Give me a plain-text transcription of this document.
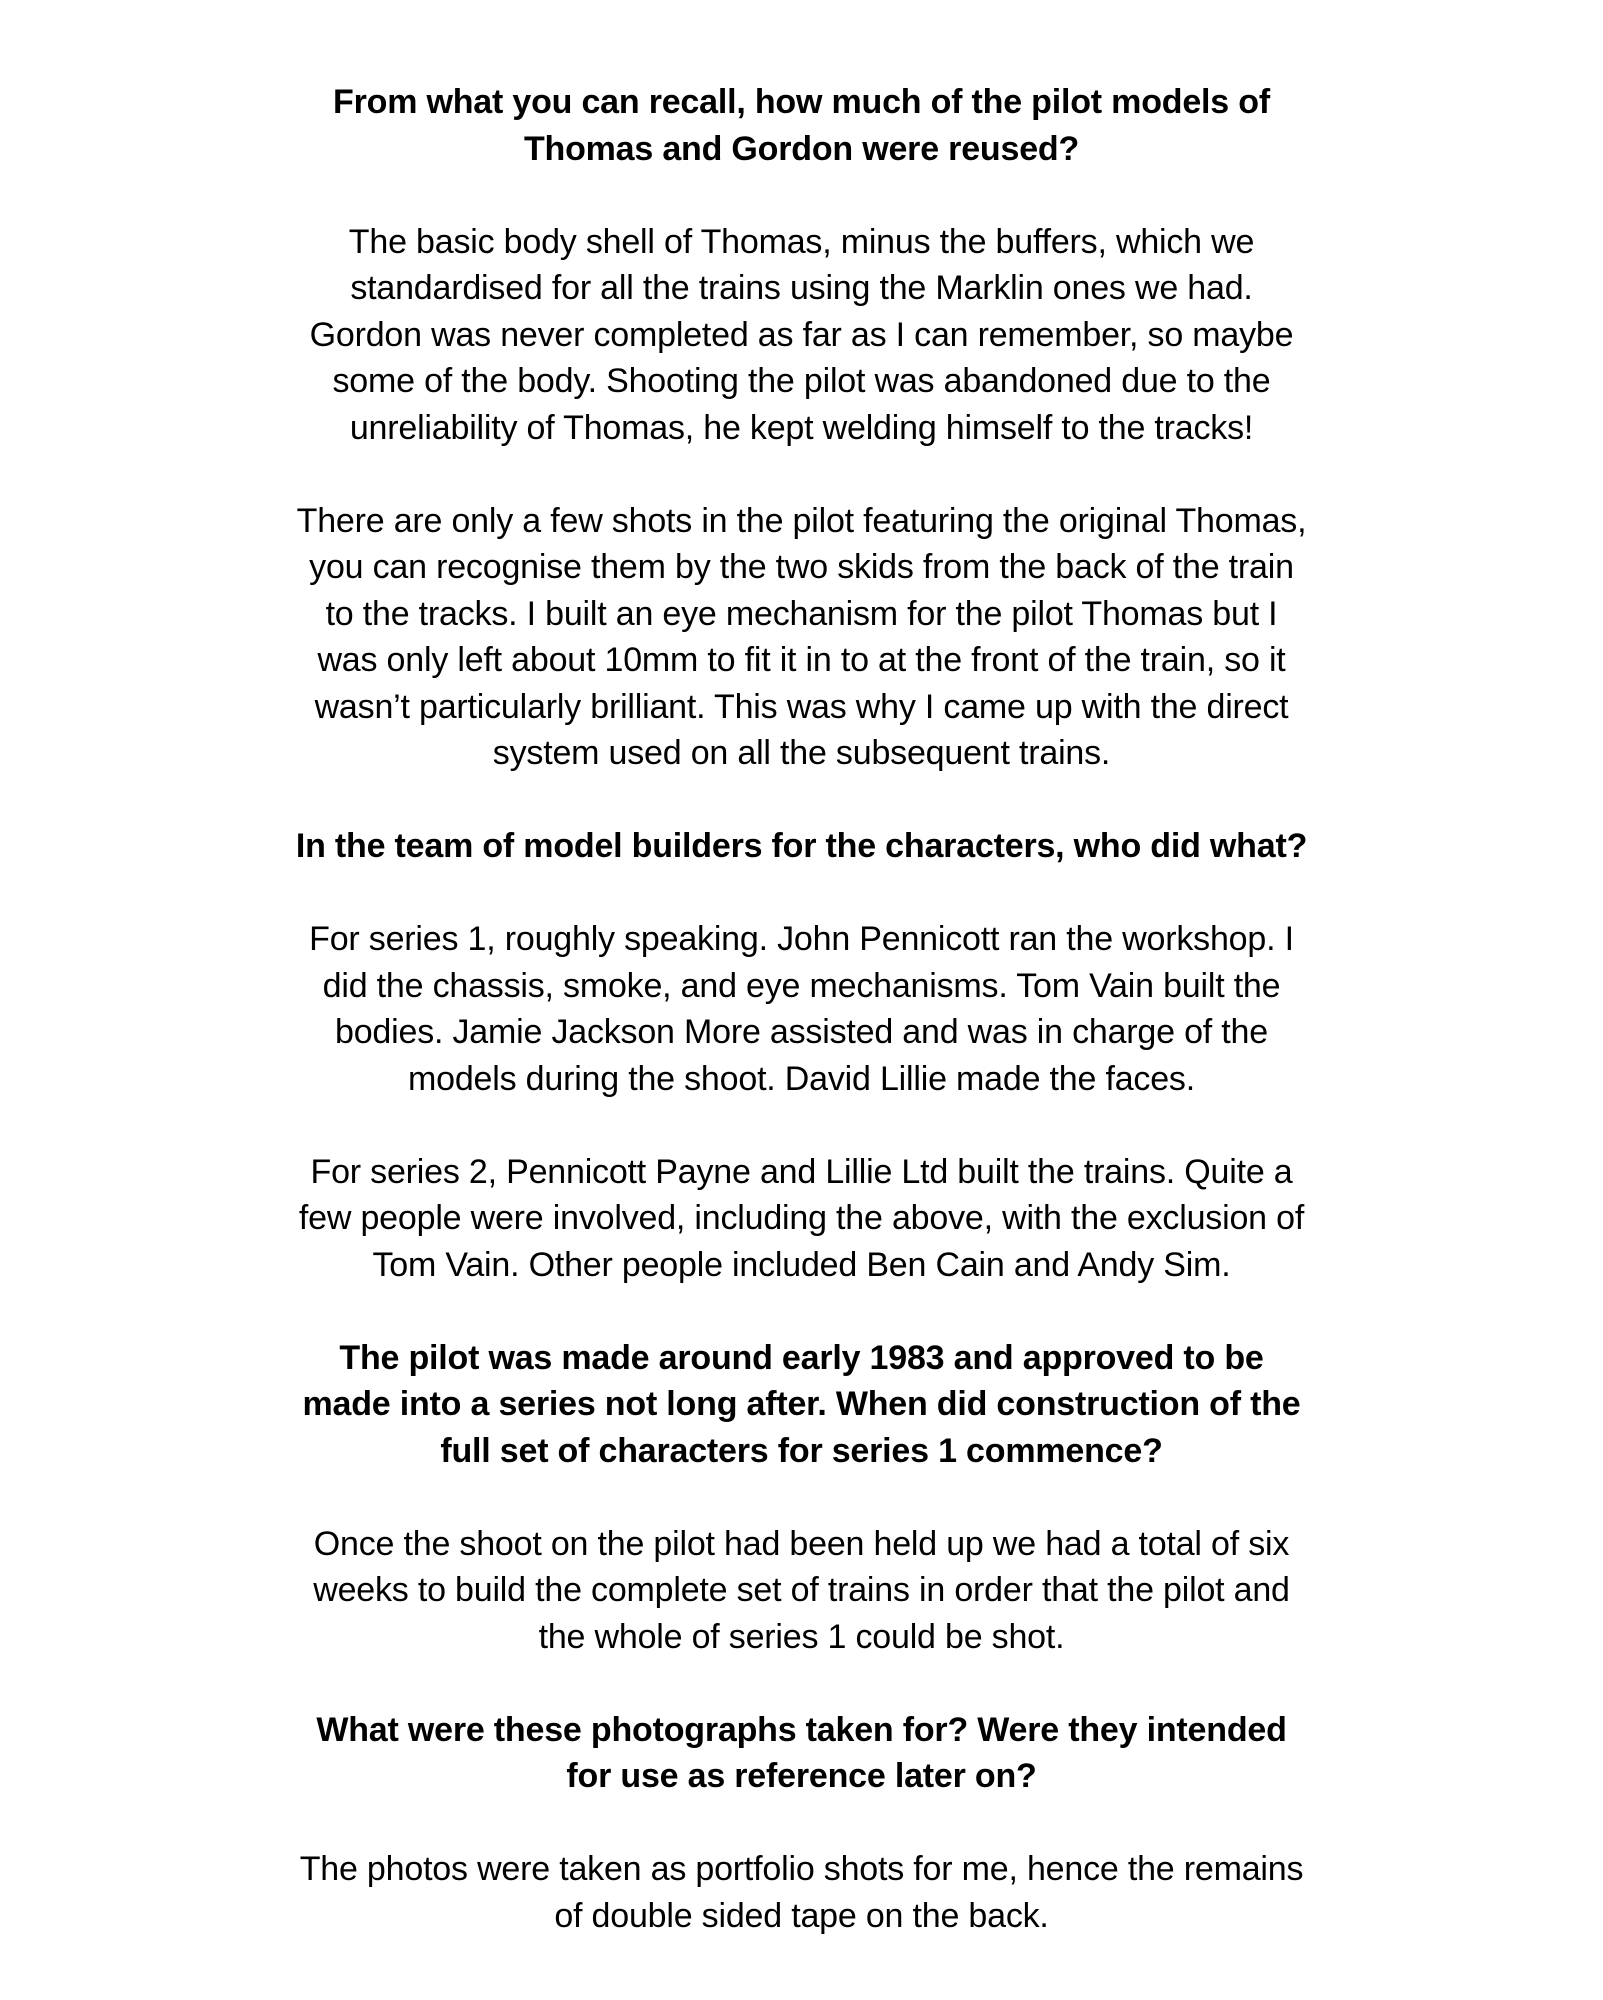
From what you can recall, how much of the pilot models of
Thomas and Gordon were reused?
The basic body shell of Thomas, minus the buffers, which we
standardised for all the trains using the Marklin ones we had.
Gordon was never completed as far as I can remember, so maybe
some of the body. Shooting the pilot was abandoned due to the
unreliability of Thomas, he kept welding himself to the tracks!
There are only a few shots in the pilot featuring the original Thomas,
you can recognise them by the two skids from the back of the train
to the tracks. I built an eye mechanism for the pilot Thomas but I
was only left about 10mm to fit it in to at the front of the train, so it
wasn’t particularly brilliant. This was why I came up with the direct
system used on all the subsequent trains.
In the team of model builders for the characters, who did what?
For series 1, roughly speaking. John Pennicott ran the workshop. I
did the chassis, smoke, and eye mechanisms. Tom Vain built the
bodies. Jamie Jackson More assisted and was in charge of the
models during the shoot. David Lillie made the faces.
For series 2, Pennicott Payne and Lillie Ltd built the trains. Quite a
few people were involved, including the above, with the exclusion of
Tom Vain. Other people included Ben Cain and Andy Sim.
The pilot was made around early 1983 and approved to be
made into a series not long after. When did construction of the
full set of characters for series 1 commence?
Once the shoot on the pilot had been held up we had a total of six
weeks to build the complete set of trains in order that the pilot and
the whole of series 1 could be shot.
What were these photographs taken for? Were they intended
for use as reference later on?
The photos were taken as portfolio shots for me, hence the remains
of double sided tape on the back.
